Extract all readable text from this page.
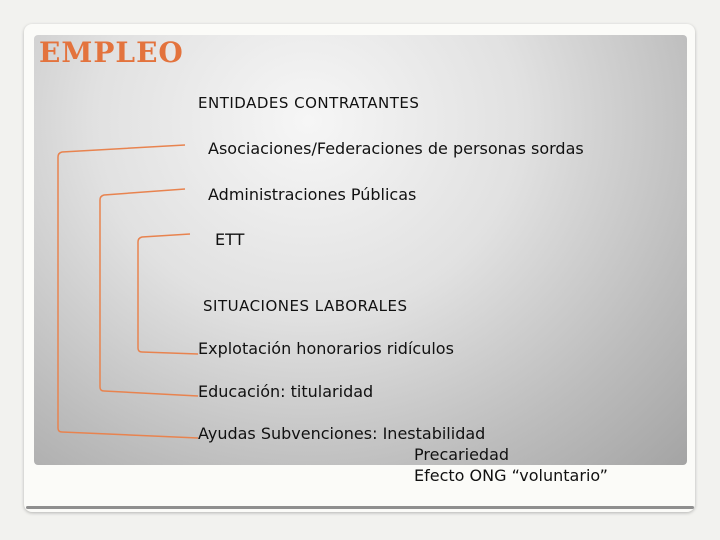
EMPLEO

ENTIDADES CONTRATANTES

Asociaciones/Federaciones de personas sordas

Administraciones Públicas

ETT

SITUACIONES LABORALES

Explotación honorarios ridículos

Educación: titularidad

Ayudas Subvenciones: Inestabilidad

Precariedad

Efecto ONG “voluntario”
